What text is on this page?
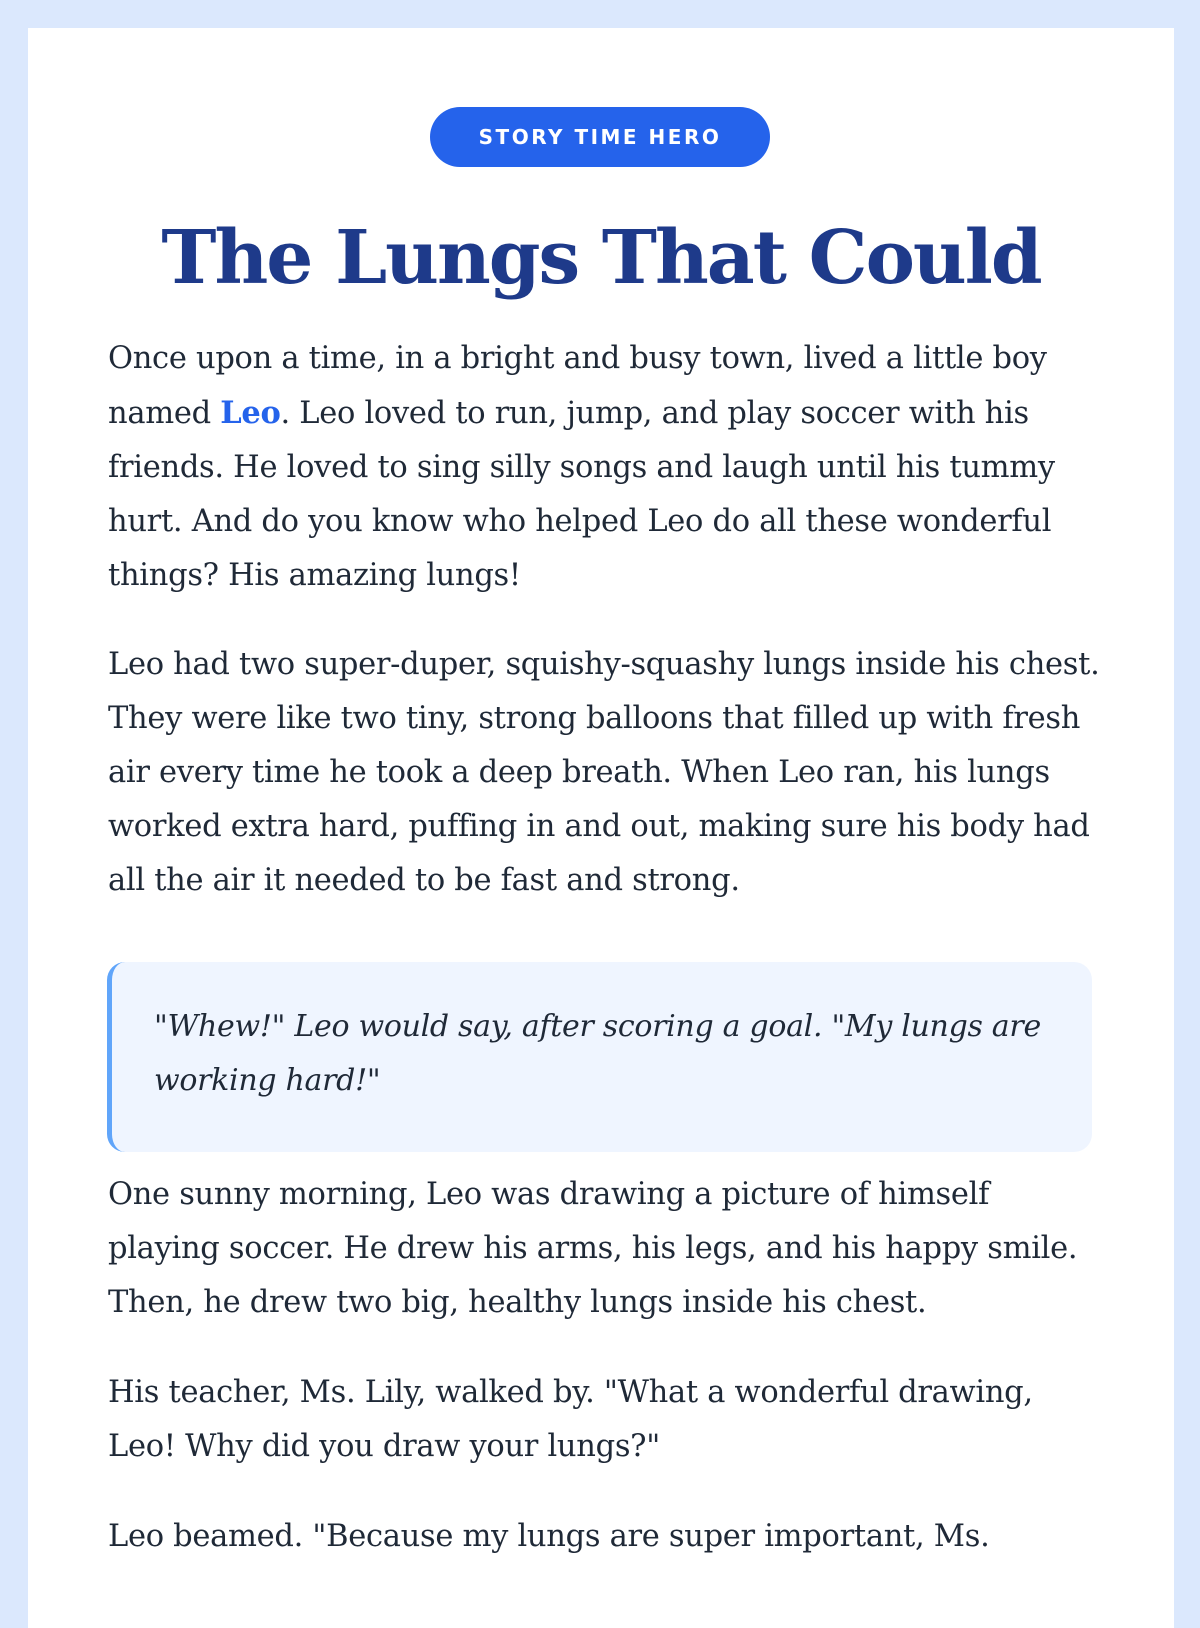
STORY TIME HERO
The Lungs That Could

Once upon a time, in a bright and busy town, lived a little boy named Leo. Leo loved to run, jump, and play soccer with his friends. He loved to sing silly songs and laugh until his tummy hurt. And do you know who helped Leo do all these wonderful things? His amazing lungs!

Leo had two super-duper, squishy-squashy lungs inside his chest. They were like two tiny, strong balloons that filled up with fresh air every time he took a deep breath. When Leo ran, his lungs worked extra hard, puffing in and out, making sure his body had all the air it needed to be fast and strong.

"Whew!" Leo would say, after scoring a goal. "My lungs are working hard!"

One sunny morning, Leo was drawing a picture of himself playing soccer. He drew his arms, his legs, and his happy smile. Then, he drew two big, healthy lungs inside his chest.

His teacher, Ms. Lily, walked by. "What a wonderful drawing, Leo! Why did you draw your lungs?"

Leo beamed. "Because my lungs are super important, Ms.
